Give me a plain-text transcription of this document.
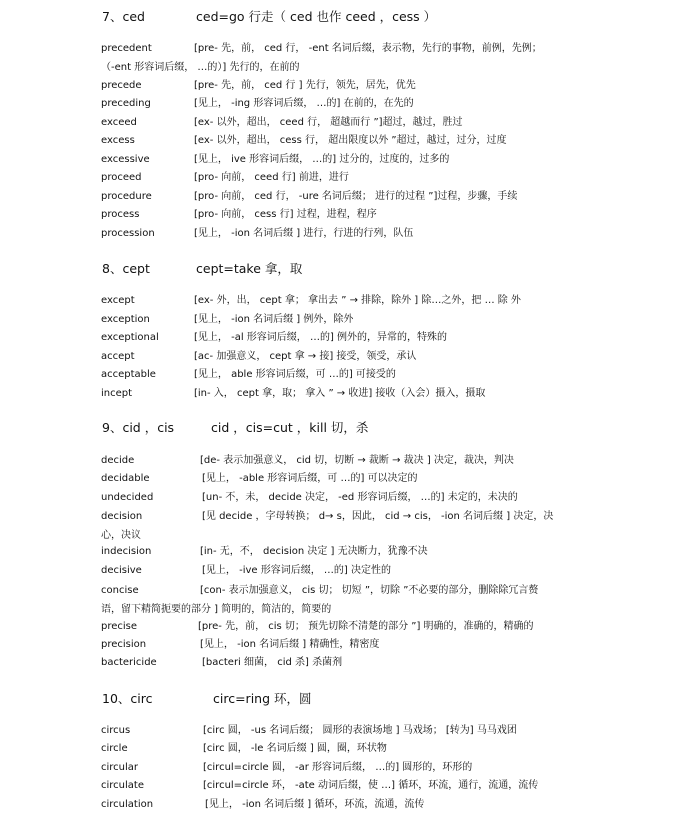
7、ced	ced=go 行走（ ced 也作 ceed ，cess ）
precedent	[pre- 先，前， ced 行， -ent 名词后缀，表示物，先行的事物，前例，先例；
（-ent 形容词后缀， …的）] 先行的，在前的
precede	[pre- 先，前， ced 行 ] 先行，领先，居先，优先
preceding	[见上， -ing 形容词后缀， …的] 在前的，在先的
exceed	[ex- 以外，超出， ceed 行， 超越而行 ”]超过，越过，胜过
excess	[ex- 以外，超出， cess 行， 超出限度以外 ”超过，越过，过分，过度
excessive	[见上， ive 形容词后缀， …的] 过分的，过度的，过多的
proceed	[pro- 向前， ceed 行] 前进，进行
procedure	[pro- 向前， ced 行， -ure 名词后缀； 进行的过程 ”]过程，步骤，手续
process	[pro- 向前， cess 行] 过程，进程，程序
procession	[见上， -ion 名词后缀 ] 进行，行进的行列，队伍
8、cept	cept=take 拿，取
except	[ex- 外，出， cept 拿； 拿出去 ” → 排除，除外 ] 除…之外，把 … 除 外
exception	[见上， -ion 名词后缀 ] 例外，除外
exceptional	[见上， -al 形容词后缀， …的] 例外的，异常的，特殊的
accept	[ac- 加强意义， cept 拿 → 接] 接受，领受，承认
acceptable	[见上， able 形容词后缀，可 …的] 可接受的
incept	[in- 入， cept 拿，取； 拿入 ” → 收进] 接收（入会）摄入，摄取
9、cid ，cis	cid ，cis=cut ，kill 切，杀
decide	[de- 表示加强意义， cid 切，切断 → 裁断 → 裁决 ] 决定，裁决，判决
decidable	[见上， -able 形容词后缀，可 …的] 可以决定的
undecided	[un- 不，未， decide 决定， -ed 形容词后缀， …的] 未定的，未决的
decision	[见 decide ，字母转换； d→ s，因此， cid → cis， -ion 名词后缀 ] 决定，决
心，决议
indecision	[in- 无，不， decision 决定 ] 无决断力，犹豫不决
decisive	[见上， -ive 形容词后缀， …的] 决定性的
concise	[con- 表示加强意义， cis 切； 切短 ”，切除 ”不必要的部分，删除除冗言赘
语，留下精简扼要的部分 ] 简明的，简洁的，简要的
precise	[pre- 先，前， cis 切； 预先切除不清楚的部分 ”] 明确的，准确的，精确的
precision	[见上， -ion 名词后缀 ] 精确性，精密度
bactericide	[bacteri 细菌， cid 杀] 杀菌剂
10、circ	circ=ring 环，圆
circus	[circ 圆， -us 名词后缀； 圆形的表演场地 ] 马戏场； [转为] 马马戏团
circle	[circ 圆， -le 名词后缀 ] 圆，圈，环状物
circular	[circul=circle 圆， -ar 形容词后缀， …的] 圆形的，环形的
circulate	[circul=circle 环， -ate 动词后缀，使 …] 循环，环流，通行，流通，流传
circulation	[见上， -ion 名词后缀 ] 循环，环流，流通，流传
